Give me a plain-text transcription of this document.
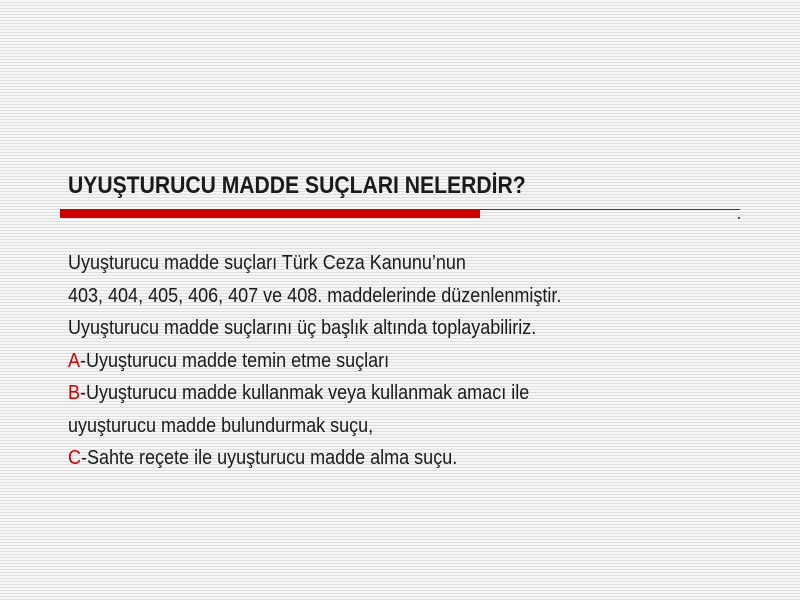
UYUŞTURUCU MADDE SUÇLARI NELERDİR?
Uyuşturucu madde suçları Türk Ceza Kanunu’nun
403, 404, 405, 406, 407 ve 408. maddelerinde düzenlenmiştir.
Uyuşturucu madde suçlarını üç başlık altında toplayabiliriz.
A-Uyuşturucu madde temin etme suçları
B-Uyuşturucu madde kullanmak veya kullanmak amacı ile
uyuşturucu madde bulundurmak suçu,
C-Sahte reçete ile uyuşturucu madde alma suçu.
